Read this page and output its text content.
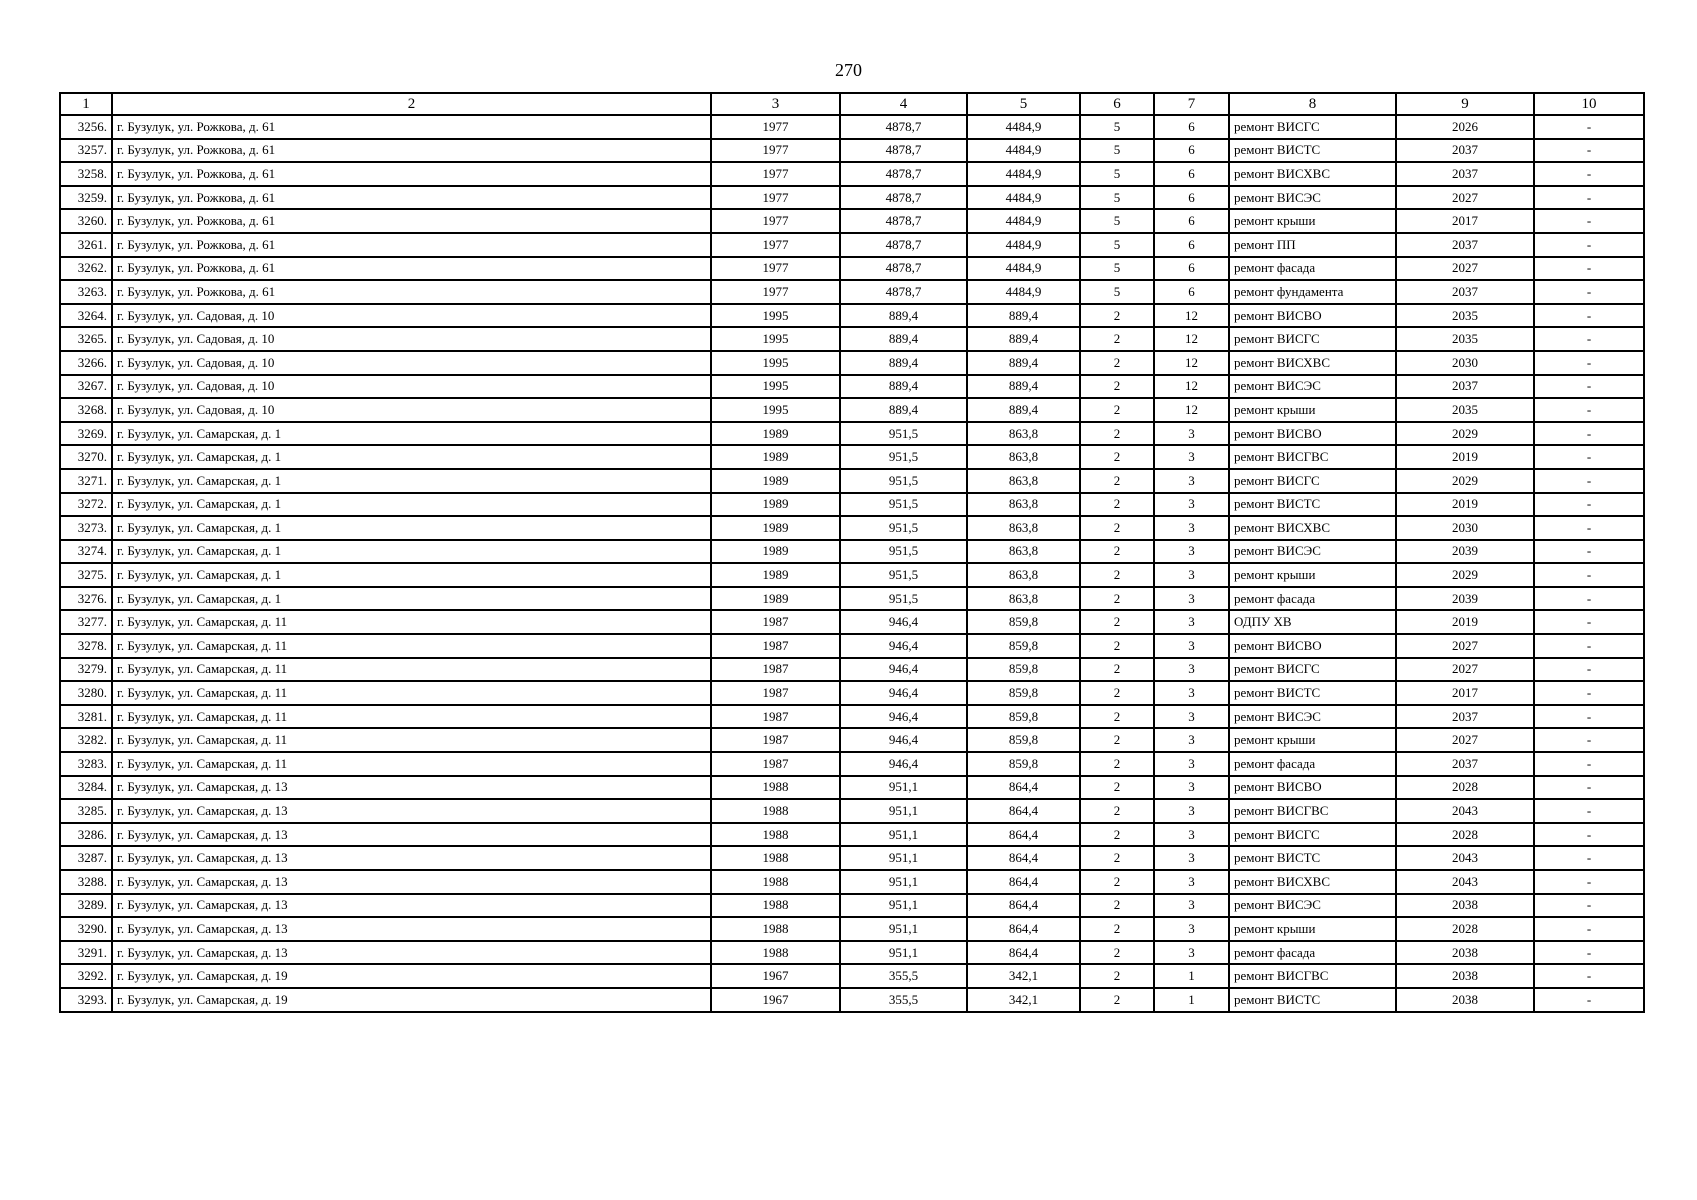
270
1	2	3	4	5	6	7	8	9	10
3256.	г. Бузулук, ул. Рожкова, д. 61	1977	4878,7	4484,9	5	6	ремонт ВИСГС	2026	-
3257.	г. Бузулук, ул. Рожкова, д. 61	1977	4878,7	4484,9	5	6	ремонт ВИСТС	2037	-
3258.	г. Бузулук, ул. Рожкова, д. 61	1977	4878,7	4484,9	5	6	ремонт ВИСХВС	2037	-
3259.	г. Бузулук, ул. Рожкова, д. 61	1977	4878,7	4484,9	5	6	ремонт ВИСЭС	2027	-
3260.	г. Бузулук, ул. Рожкова, д. 61	1977	4878,7	4484,9	5	6	ремонт крыши	2017	-
3261.	г. Бузулук, ул. Рожкова, д. 61	1977	4878,7	4484,9	5	6	ремонт ПП	2037	-
3262.	г. Бузулук, ул. Рожкова, д. 61	1977	4878,7	4484,9	5	6	ремонт фасада	2027	-
3263.	г. Бузулук, ул. Рожкова, д. 61	1977	4878,7	4484,9	5	6	ремонт фундамента	2037	-
3264.	г. Бузулук, ул. Садовая, д. 10	1995	889,4	889,4	2	12	ремонт ВИСВО	2035	-
3265.	г. Бузулук, ул. Садовая, д. 10	1995	889,4	889,4	2	12	ремонт ВИСГС	2035	-
3266.	г. Бузулук, ул. Садовая, д. 10	1995	889,4	889,4	2	12	ремонт ВИСХВС	2030	-
3267.	г. Бузулук, ул. Садовая, д. 10	1995	889,4	889,4	2	12	ремонт ВИСЭС	2037	-
3268.	г. Бузулук, ул. Садовая, д. 10	1995	889,4	889,4	2	12	ремонт крыши	2035	-
3269.	г. Бузулук, ул. Самарская, д. 1	1989	951,5	863,8	2	3	ремонт ВИСВО	2029	-
3270.	г. Бузулук, ул. Самарская, д. 1	1989	951,5	863,8	2	3	ремонт ВИСГВС	2019	-
3271.	г. Бузулук, ул. Самарская, д. 1	1989	951,5	863,8	2	3	ремонт ВИСГС	2029	-
3272.	г. Бузулук, ул. Самарская, д. 1	1989	951,5	863,8	2	3	ремонт ВИСТС	2019	-
3273.	г. Бузулук, ул. Самарская, д. 1	1989	951,5	863,8	2	3	ремонт ВИСХВС	2030	-
3274.	г. Бузулук, ул. Самарская, д. 1	1989	951,5	863,8	2	3	ремонт ВИСЭС	2039	-
3275.	г. Бузулук, ул. Самарская, д. 1	1989	951,5	863,8	2	3	ремонт крыши	2029	-
3276.	г. Бузулук, ул. Самарская, д. 1	1989	951,5	863,8	2	3	ремонт фасада	2039	-
3277.	г. Бузулук, ул. Самарская, д. 11	1987	946,4	859,8	2	3	ОДПУ ХВ	2019	-
3278.	г. Бузулук, ул. Самарская, д. 11	1987	946,4	859,8	2	3	ремонт ВИСВО	2027	-
3279.	г. Бузулук, ул. Самарская, д. 11	1987	946,4	859,8	2	3	ремонт ВИСГС	2027	-
3280.	г. Бузулук, ул. Самарская, д. 11	1987	946,4	859,8	2	3	ремонт ВИСТС	2017	-
3281.	г. Бузулук, ул. Самарская, д. 11	1987	946,4	859,8	2	3	ремонт ВИСЭС	2037	-
3282.	г. Бузулук, ул. Самарская, д. 11	1987	946,4	859,8	2	3	ремонт крыши	2027	-
3283.	г. Бузулук, ул. Самарская, д. 11	1987	946,4	859,8	2	3	ремонт фасада	2037	-
3284.	г. Бузулук, ул. Самарская, д. 13	1988	951,1	864,4	2	3	ремонт ВИСВО	2028	-
3285.	г. Бузулук, ул. Самарская, д. 13	1988	951,1	864,4	2	3	ремонт ВИСГВС	2043	-
3286.	г. Бузулук, ул. Самарская, д. 13	1988	951,1	864,4	2	3	ремонт ВИСГС	2028	-
3287.	г. Бузулук, ул. Самарская, д. 13	1988	951,1	864,4	2	3	ремонт ВИСТС	2043	-
3288.	г. Бузулук, ул. Самарская, д. 13	1988	951,1	864,4	2	3	ремонт ВИСХВС	2043	-
3289.	г. Бузулук, ул. Самарская, д. 13	1988	951,1	864,4	2	3	ремонт ВИСЭС	2038	-
3290.	г. Бузулук, ул. Самарская, д. 13	1988	951,1	864,4	2	3	ремонт крыши	2028	-
3291.	г. Бузулук, ул. Самарская, д. 13	1988	951,1	864,4	2	3	ремонт фасада	2038	-
3292.	г. Бузулук, ул. Самарская, д. 19	1967	355,5	342,1	2	1	ремонт ВИСГВС	2038	-
3293.	г. Бузулук, ул. Самарская, д. 19	1967	355,5	342,1	2	1	ремонт ВИСТС	2038	-
